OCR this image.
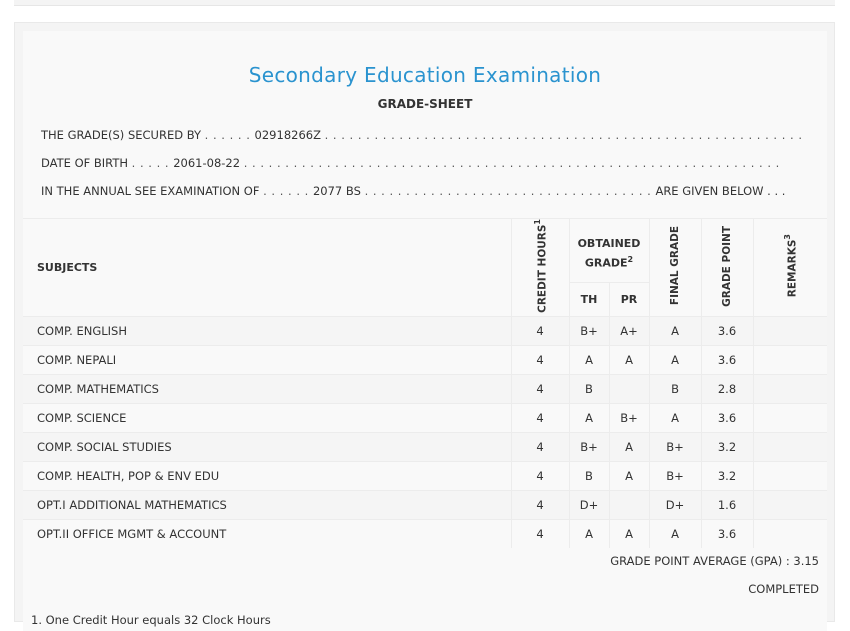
Secondary Education Examination
GRADE-SHEET
THE GRADE(S) SECURED BY . . . . . . 02918266Z . . . . . . . . . . . . . . . . . . . . . . . . . . . . . . . . . . . . . . . . . . . . . . . . . . . . . . . . . .
DATE OF BIRTH . . . . . 2061-08-22 . . . . . . . . . . . . . . . . . . . . . . . . . . . . . . . . . . . . . . . . . . . . . . . . . . . . . . . . . . . . . . . . .
IN THE ANNUAL SEE EXAMINATION OF . . . . . . 2077 BS . . . . . . . . . . . . . . . . . . . . . . . . . . . . . . . . . . . ARE GIVEN BELOW . . .
SUBJECTS	CREDIT HOURS$^1$	OBTAINED GRADE$^2$		FINAL GRADE	GRADE POINT	REMARKS$^3$
		TH	PR			
COMP. ENGLISH	4	B+	A+	A	3.6	
COMP. NEPALI	4	A	A	A	3.6	
COMP. MATHEMATICS	4	B		B	2.8	
COMP. SCIENCE	4	A	B+	A	3.6	
COMP. SOCIAL STUDIES	4	B+	A	B+	3.2	
COMP. HEALTH, POP & ENV EDU	4	B	A	B+	3.2	
OPT.I ADDITIONAL MATHEMATICS	4	D+		D+	1.6	
OPT.II OFFICE MGMT & ACCOUNT	4	A	A	A	3.6	
GRADE POINT AVERAGE (GPA) : 3.15
COMPLETED
1. One Credit Hour equals 32 Clock Hours
